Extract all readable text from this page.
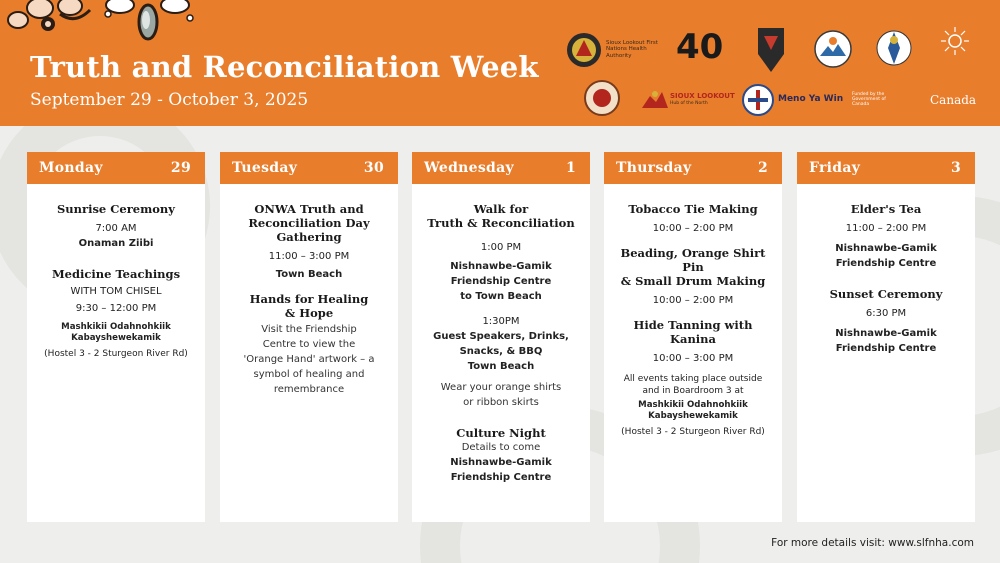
Truth and Reconciliation Week
September 29 - October 3, 2025
Sioux Lookout First Nations Health Authority	40
SIOUX LOOKOUT
Hub of the North	Meno Ya Win Funded by the Government of Canada	Canada
Monday	29
Sunrise Ceremony
7:00 AM
Onaman Ziibi
Medicine Teachings
WITH TOM CHISEL
9:30 – 12:00 PM
Mashkikii Odahnohkiik
Kabayshewekamik
(Hostel 3 - 2 Sturgeon River Rd)
Tuesday	30
ONWA Truth and
Reconciliation Day
Gathering
11:00 – 3:00 PM
Town Beach
Hands for Healing
& Hope
Visit the Friendship
Centre to view the
'Orange Hand' artwork – a
symbol of healing and
remembrance
Wednesday	1
Walk for
Truth & Reconciliation
1:00 PM
Nishnawbe-Gamik
Friendship Centre
to Town Beach
1:30PM
Guest Speakers, Drinks,
Snacks, & BBQ
Town Beach
Wear your orange shirts
or ribbon skirts
Culture Night
Details to come
Nishnawbe-Gamik
Friendship Centre
Thursday	2
Tobacco Tie Making
10:00 – 2:00 PM
Beading, Orange Shirt Pin
& Small Drum Making
10:00 – 2:00 PM
Hide Tanning with
Kanina
10:00 – 3:00 PM
All events taking place outside
and in Boardroom 3 at
Mashkikii Odahnohkiik
Kabayshewekamik
(Hostel 3 - 2 Sturgeon River Rd)
Friday	3
Elder's Tea
11:00 – 2:00 PM
Nishnawbe-Gamik
Friendship Centre
Sunset Ceremony
6:30 PM
Nishnawbe-Gamik
Friendship Centre
For more details visit: www.slfnha.com
